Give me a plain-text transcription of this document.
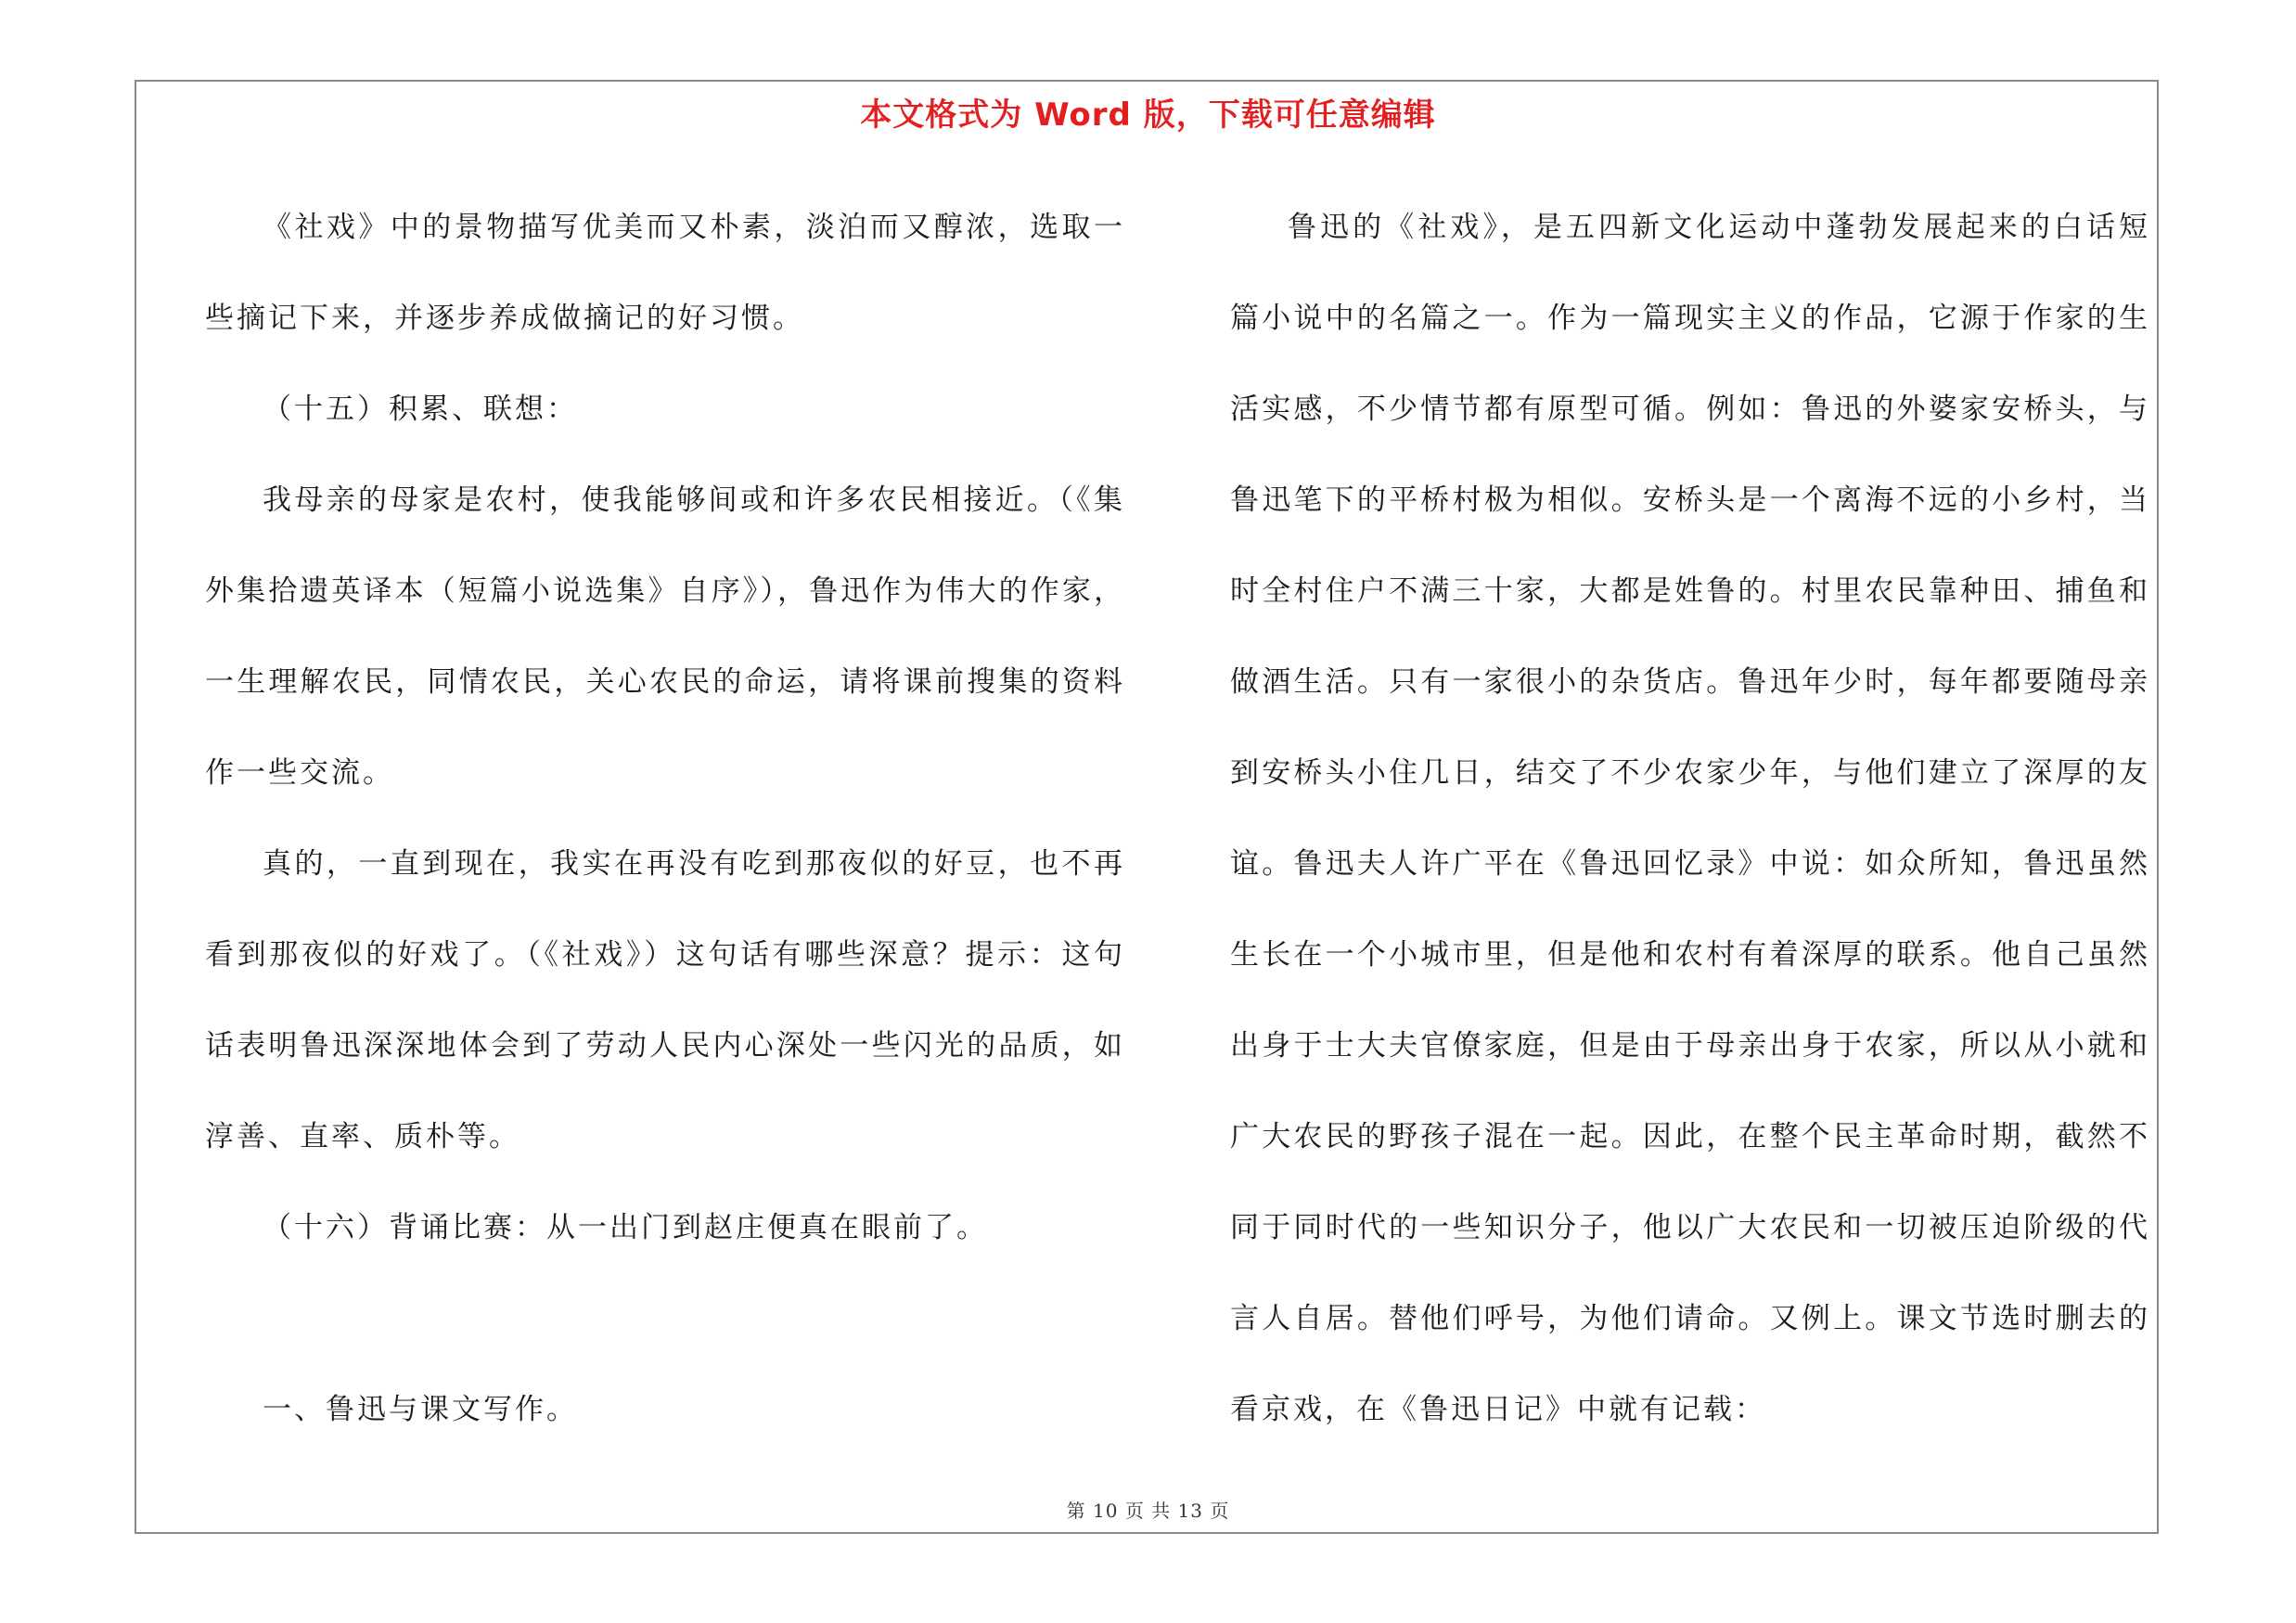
本文格式为 Word 版，下载可任意编辑

《社戏》中的景物描写优美而又朴素，淡泊而又醇浓，选取一些摘记下来，并逐步养成做摘记的好习惯。

（十五）积累、联想：

我母亲的母家是农村，使我能够间或和许多农民相接近。（《集外集拾遗英译本（短篇小说选集》自序》），鲁迅作为伟大的作家，一生理解农民，同情农民，关心农民的命运，请将课前搜集的资料作一些交流。

真的，一直到现在，我实在再没有吃到那夜似的好豆，也不再看到那夜似的好戏了。（《社戏》）这句话有哪些深意？提示：这句话表明鲁迅深深地体会到了劳动人民内心深处一些闪光的品质，如淳善、直率、质朴等。

（十六）背诵比赛：从一出门到赵庄便真在眼前了。

一、鲁迅与课文写作。

鲁迅的《社戏》，是五四新文化运动中蓬勃发展起来的白话短篇小说中的名篇之一。作为一篇现实主义的作品，它源于作家的生活实感，不少情节都有原型可循。例如：鲁迅的外婆家安桥头，与鲁迅笔下的平桥村极为相似。安桥头是一个离海不远的小乡村，当时全村住户不满三十家，大都是姓鲁的。村里农民靠种田、捕鱼和做酒生活。只有一家很小的杂货店。鲁迅年少时，每年都要随母亲到安桥头小住几日，结交了不少农家少年，与他们建立了深厚的友谊。鲁迅夫人许广平在《鲁迅回忆录》中说：如众所知，鲁迅虽然生长在一个小城市里，但是他和农村有着深厚的联系。他自己虽然出身于士大夫官僚家庭，但是由于母亲出身于农家，所以从小就和广大农民的野孩子混在一起。因此，在整个民主革命时期，截然不同于同时代的一些知识分子，他以广大农民和一切被压迫阶级的代言人自居。替他们呼号，为他们请命。又例上。课文节选时删去的看京戏，在《鲁迅日记》中就有记载：

第 10 页 共 13 页
